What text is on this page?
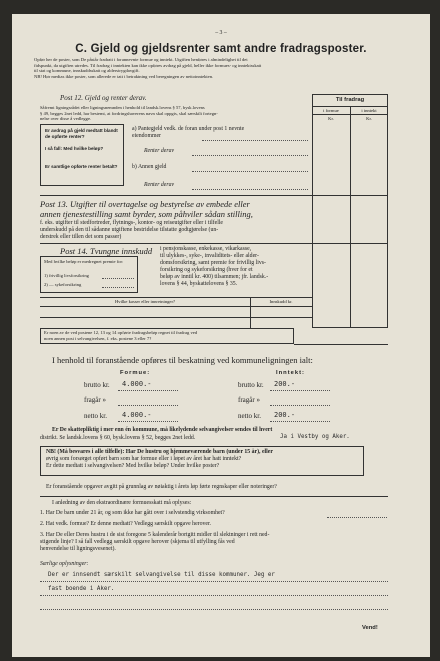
– 3 –
C. Gjeld og gjeldsrenter samt andre fradragsposter.
Opfør her de poster, som De påstår fradratt i forannevnte formue og inntekt. Utgiften henføres i almindelighet til det
fidspunkt, da utgiften utredes. Til fradrag i inntekten kan ikke opføres avdrag på gjeld, heller ikke formues- og inntektsskatt
til stat og kommune, innskuddsskatt og alderstrygdavgift.
NB! Hør medtas ikke poster, som allerede er tatt i betraktning ved beregningen av nettoinntekten.
Til fradrag
i formue	i inntekt
Kr.	Kr.
Post 12. Gjeld og renter derav.
Såfremt ligningsrådet eller ligningsnemnden i henhold til landsk.lovens § 57, bysk.lovens
§ 49, begges 2net ledd, har bestemt, at fordringshaverens navn skal oppgis, skal særskilt fortegn-
nelse over disse å vedlegge.
Er avdrag på gjeld medtatt blandt de opførte renter?
I så fall: Med hvilke beløp?
Er samtlige opførte renter betalt?
a) Pantegjeld vedk. de foran under post 1 nevnte
eiendommer
Renter derav
b) Annen gjeld
Renter derav
Post 13. Utgifter til overtagelse og bestyrelse av embede eller
annen tjenestestilling samt byrder, som påhviler sådan stilling,
f. eks. utgifter til stedfortreder, flytnings-, kontor- og reiseutgifter eller i tilfelle
underskudd på den til sådanne utgiftene bestridelse tilstatte godtgjørelse (un-
derstrek eller tillen det som passer)
Post 14. Tvungne innskudd
Med hvilke beløp er medregnet premie for:
1) frivillig livsforsikring
2) — sykeforsikring
i pensjonskasse, enkekasse, vikarkasse,
til ulykkes-, syke-, invaliditets- eller alder-
domsforsikring, samt premie for frivillig livs-
forsikring og sykeforsikring (hver for et
beløp av inntil kr. 400) tilsammen; jfr. landsk.-
lovens § 44, byskattelovens § 35.
Hvilke kasser eller innretninger?	Innskudd kr.
Er noen av de ved postene 12, 13 og 14 opførte fradragsbeløp regnet til fradrag ved
noen annen post i selvangivelsen, f. eks. postene 3 eller 7?
I henhold til foranstående opføres til beskatning ved kommuneligningen ialt:
Formue:	Inntekt:
brutto kr. 4.000.-	brutto kr. 200.-
fragår »	fragår »
netto kr. 4.000.-	netto kr. 200.-
Er De skattepliktig i mer enn én kommune, må likelydende selvangivelser sendes til hvert
distrikt. Se landsk.lovens § 60, bysk.lovens § 52, begges 2net ledd.	Ja i Vestby og Aker.
NB! (Må besvares i alle tilfelle): Har De hustru og hjemmeværende barn (under 15 år), eller
øvrig som forsørget opført barn som har formue eller i løpet av året har hatt inntekt?
Er dette medtatt i selvangivelsen? Med hvilke beløp? Under hvilke poster?
Er foranstående opgaver avgitt på grunnlag av nøiaktig i årets løp førte regnskaper eller noteringer?
I anledning av den ekstraordinære formuesskatt må oplyses:
1. Har De barn under 21 år, og som ikke har gått over i selvstendig virksomhet?
2. Hat vedk. formue? Er denne medtatt? Vedlegg særskilt opgave herover.
3. Har De eller Deres hustru i de sist foregone 5 kalenderår bortgitt midler til slektninger i rett ned-
stigende linje? I så fall vedlegg særskilt opgave herover (skjema til utfylling fås ved
henvendelse til ligningsvesenet).
Særlige oplysninger:
Der er innsendt særskilt selvangivelse til disse kommuner. Jeg er
fast boende i Aker.
Vend!
